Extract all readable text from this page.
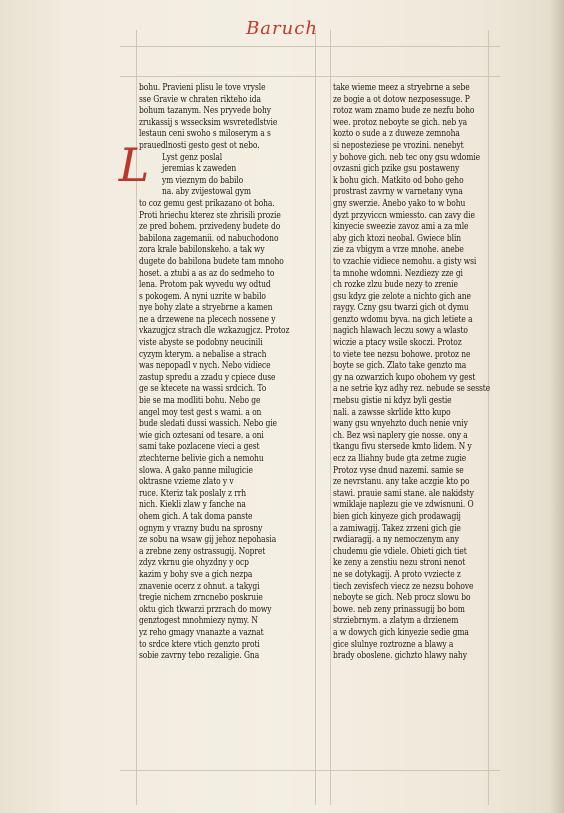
Baruch
L
bohu. Pravieni plisu le tove vrysle
sse Gravie w chraten rikteho ida
bohum tazanym. Nes pryvede bohy
zrukassij s wssecksim wsvretedlstvie
lestaun ceni swoho s miloserym a s
prauedlnosti gesto gest ot nebo.
Lyst genz poslal
jeremias k zaweden
ym vieznym do babilo
na. aby zvijestowal gym
to coz gemu gest prikazano ot boha.
Proti hriechu kterez ste zhrisili prozie
ze pred bohem. przivedeny budete do
babilona zagemanii. od nabuchodono
zora krale babilonskeho. a tak wy
dugete do babilona budete tam mnoho
hoset. a ztubi a as az do sedmeho to
lena. Protom pak wyvedu wy odtud
s pokogem. A nyni uzrite w babilo
nye bohy zlate a stryebrne a kamen
ne a drzewene na plecech nossene y
vkazugjcz strach dle wzkazugjcz. Protoz
viste abyste se podobny neucinili
cyzym kterym. a nebalise a strach
was nepopadl v nych. Nebo vidiece
zastup spredu a zzadu y cpiece duse
ge se ktecete na wassi srdcich. To
bie se ma modliti bohu. Nebo ge
angel moy test gest s wami. a on
bude sledati dussi wassich. Nebo gie
wie gich oztesani od tesare. a oni
sami take pozlacene vieci a gest
ztechterne belivie gich a nemohu
slowa. A gako panne milugicie
oktrasne vzieme zlato y v
ruce. Kteriz tak poslaly z rrh
nich. Kiekli zlaw y fanche na
ohem gich. A tak doma panste
ognym y vrazny budu na sprosny
ze sobu na wsaw gij jehoz nepohasia
a zrebne zeny ostrassugij. Nopret
zdyz vkrnu gie ohyzdny y ocp
kazim y bohy sve a gich nezpa
znavenie ocerz z ohnut. a takygi
tregie nichem zrncnebo poskruie
oktu gich tkwarzi przrach do mowy
genztogest mnohmiezy nymy. N
yz reho gmagy vnanazte a vaznat
to srdce ktere vtich genzto proti
sobie zavrny tebo rezaligie. Gna
take wieme meez a stryebrne a sebe
ze bogie a ot dotow nezposessuge. P
rotoz wam znamo bude ze nezfu boho
wee. protoz neboyte se gich. neb ya
kozto o sude a z duweze zemnoha
si neposteziese pe vrozini. nenebyt
y bohove gich. neb tec ony gsu wdomie
ovzasni gich pzike gsu postaweny
k bohu gich. Matkito od boho geho
prostrast zavrny w varnetany vyna
gny swerzie. Anebo yako to w bohu
dyzt przyviccn wmiessto. can zavy die
kinyecie sweezie zavoz ami a za mle
aby gich ktozi neobal. Gwiece blin
zie za vbigym a vrze mnohe. anebe
to vzachie vidiece nemohu. a gisty wsi
ta mnohe wdomni. Nezdiezy zze gi
ch rozke zlzu bude nezy to zrenie
gsu kdyz gie zelote a nichto gich ane
raygy. Czny gsu twarzi gich ot dymu
genzto wdomu byva. na gich letiete a
nagich hlawach leczu sowy a wlasto
wiczie a ptacy wsile skoczi. Protoz
to viete tee nezsu bohowe. protoz ne
boyte se gich. Zlato take genzto ma
gy na ozwarzich kupo obohem vy gest
a ne setrie kyz adhy rez. nebude se sesste
rnebsu gistie ni kdyz byli gestie
nali. a zawsse skrlide ktto kupo
wany gsu wnyehzto duch nenie vniy
ch. Bez wsi naplery gie nosse. ony a
tkangu fivu stersede kmto lidem. N y
ecz za lliahny bude gta zetme zugie
Protoz vyse dnud nazemi. samie se
ze nevrstanu. any take aczgie kto po
stawi. prauie sami stane. ale nakidsty
wmiklaje naplezu gie ve zdwisnuni. O
bien gich kinyeze gich prodawagij
a zamiwagij. Takez zrzeni gich gie
rwdiaragij. a ny nemoczenym any
chudemu gie vdiele. Obieti gich tiet
ke zeny a zenstiu nezu stroni nenot
ne se dotykagij. A proto vvziecte z
tiech zevisfech viecz ze nezsu bohove
neboyte se gich. Neb procz slowu bo
bowe. neb zeny prinassugij bo bom
strziebrnym. a zlatym a drzienem
a w dowych gich kinyezie sedie gma
gice slulnye roztrozne a blawy a
brady oboslene. gichzto hlawy nahy
